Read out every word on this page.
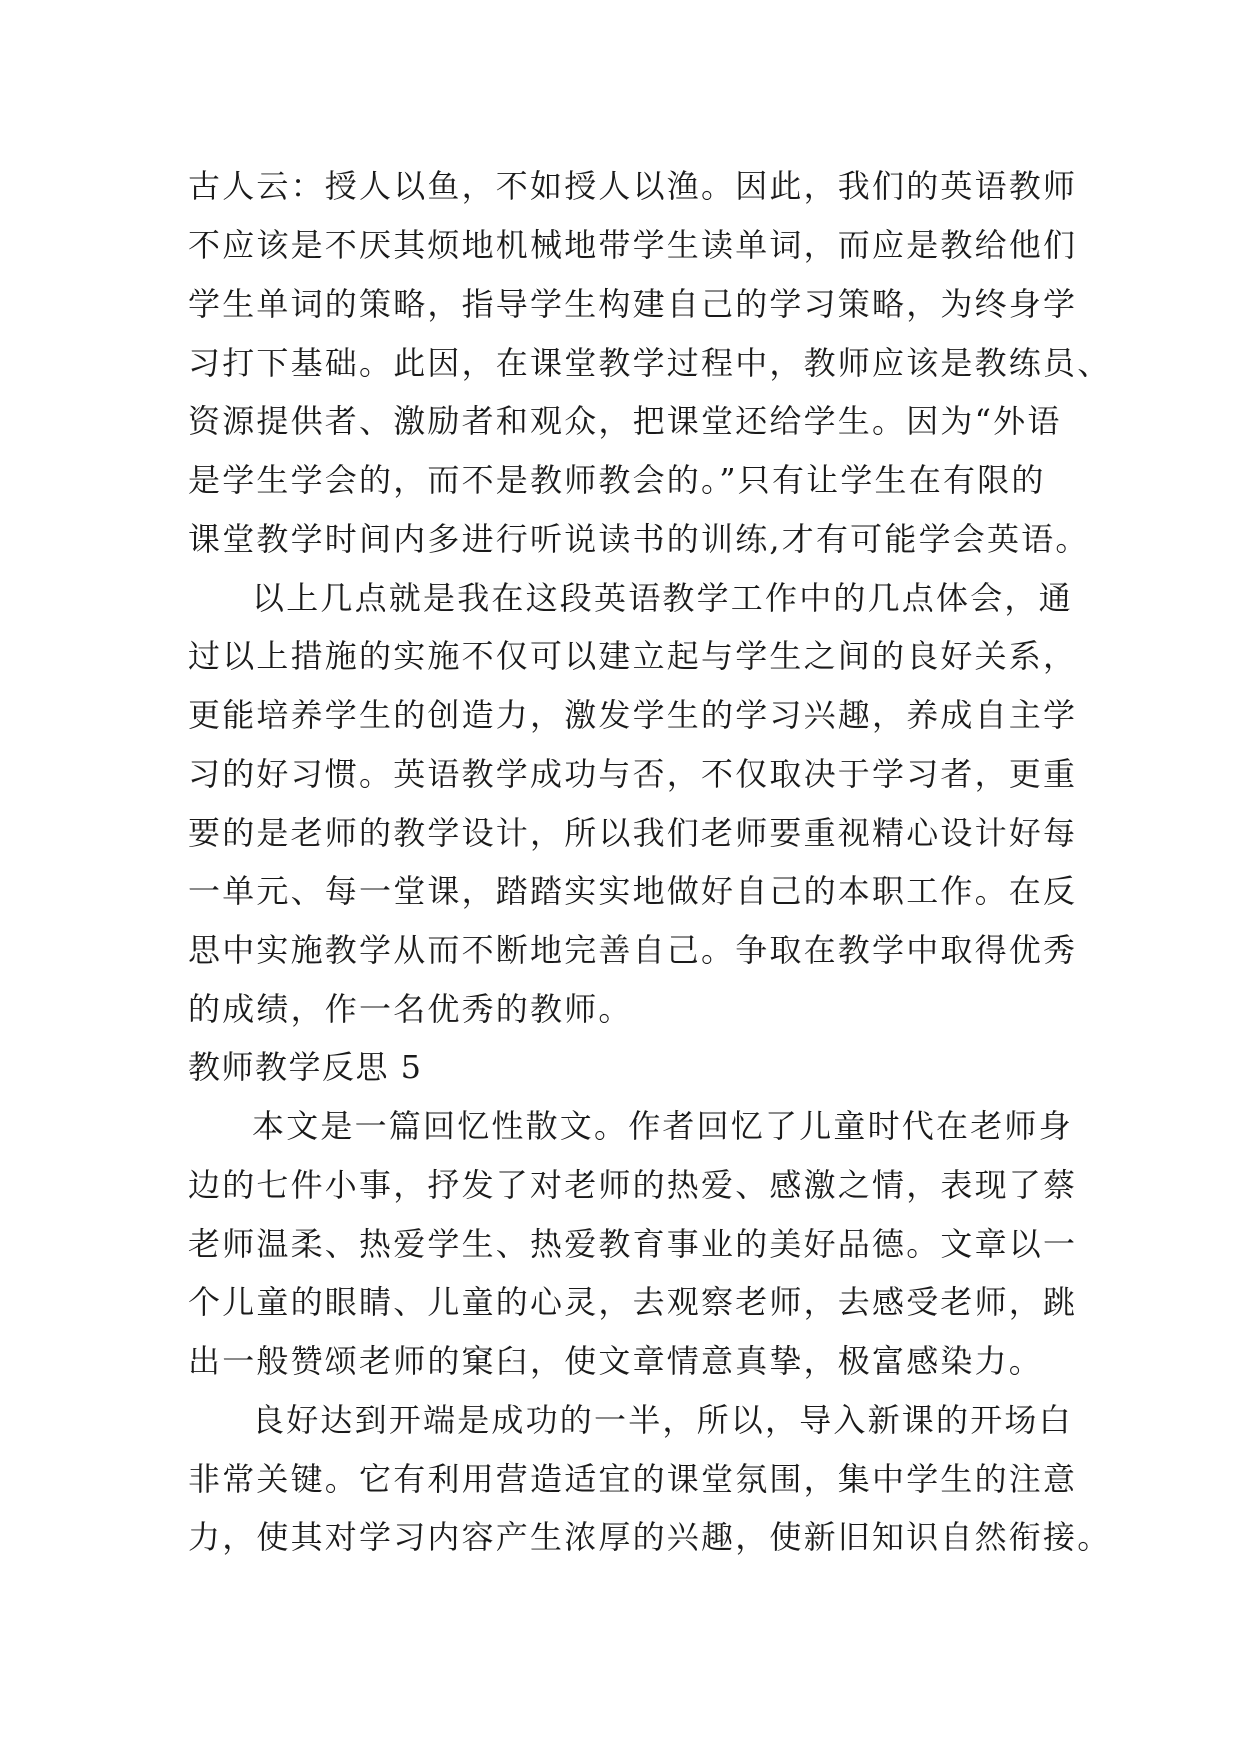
古人云：授人以鱼，不如授人以渔。因此，我们的英语教师
不应该是不厌其烦地机械地带学生读单词，而应是教给他们
学生单词的策略，指导学生构建自己的学习策略，为终身学
习打下基础。此因，在课堂教学过程中，教师应该是教练员、
资源提供者、激励者和观众，把课堂还给学生。因为“外语
是学生学会的，而不是教师教会的。”只有让学生在有限的
课堂教学时间内多进行听说读书的训练,才有可能学会英语。
以上几点就是我在这段英语教学工作中的几点体会，通
过以上措施的实施不仅可以建立起与学生之间的良好关系，
更能培养学生的创造力，激发学生的学习兴趣，养成自主学
习的好习惯。英语教学成功与否，不仅取决于学习者，更重
要的是老师的教学设计，所以我们老师要重视精心设计好每
一单元、每一堂课，踏踏实实地做好自己的本职工作。在反
思中实施教学从而不断地完善自己。争取在教学中取得优秀
的成绩，作一名优秀的教师。
教师教学反思 5
本文是一篇回忆性散文。作者回忆了儿童时代在老师身
边的七件小事，抒发了对老师的热爱、感激之情，表现了蔡
老师温柔、热爱学生、热爱教育事业的美好品德。文章以一
个儿童的眼睛、儿童的心灵，去观察老师，去感受老师，跳
出一般赞颂老师的窠臼，使文章情意真挚，极富感染力。
良好达到开端是成功的一半，所以，导入新课的开场白
非常关键。它有利用营造适宜的课堂氛围，集中学生的注意
力，使其对学习内容产生浓厚的兴趣，使新旧知识自然衔接。
